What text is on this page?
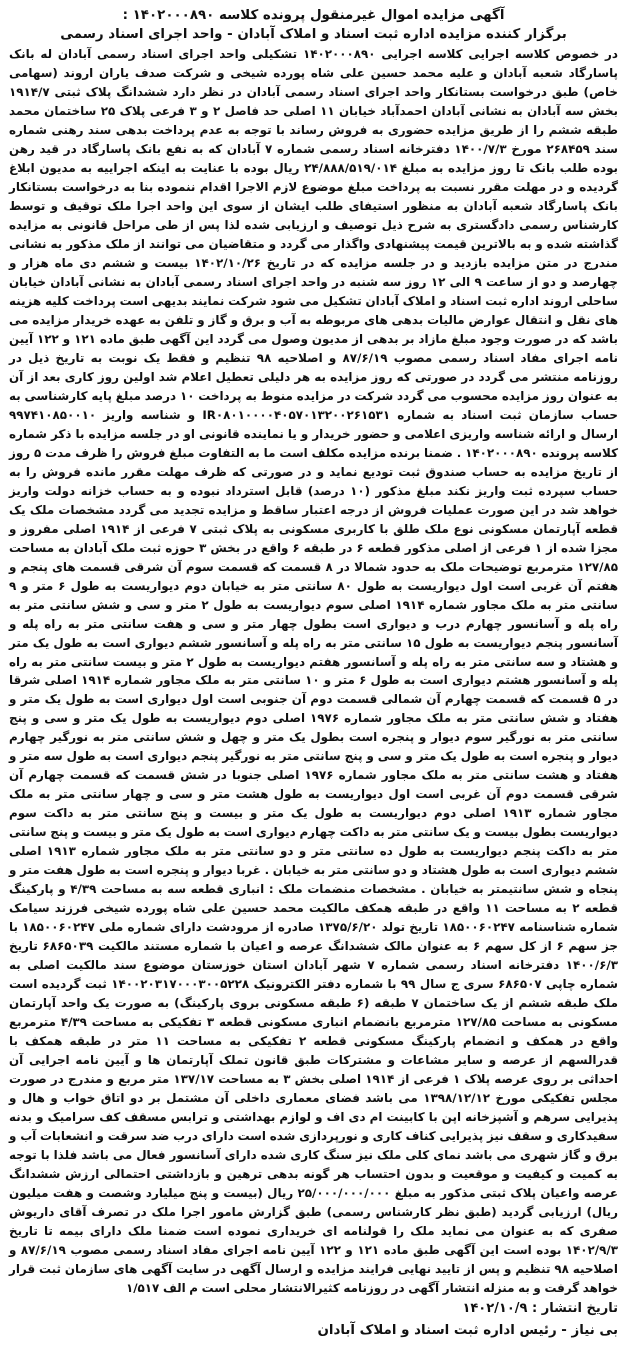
آگهی مزایده اموال غیرمنقول پرونده کلاسه ۱۴۰۲۰۰۰۸۹۰ :
برگزار کننده مزایده اداره ثبت اسناد و املاک آبادان - واحد اجرای اسناد رسمی

در خصوص کلاسه اجرایی کلاسه اجرایی ۱۴۰۲۰۰۰۸۹۰ تشکیلی واحد اجرای اسناد رسمی آبادان له بانک پاسارگاد شعبه آبادان و علیه محمد حسین علی شاه پورده شیخی و شرکت صدف یاران اروند (سهامی خاص) طبق درخواست بستانکار واحد اجرای اسناد رسمی آبادان در نظر دارد ششدانگ پلاک ثبتی ۱۹۱۴/۷ بخش سه آبادان به نشانی آبادان احمدآباد خیابان ۱۱ اصلی حد فاصل ۲ و ۳ فرعی پلاک ۲۵ ساختمان محمد طبقه ششم را از طریق مزایده حضوری به فروش رساند با توجه به عدم پرداخت بدهی سند رهنی شماره سند ۲۶۸۴۵۹ مورخ ۱۴۰۰/۷/۳ دفترخانه اسناد رسمی شماره ۷ آبادان که به نفع بانک پاسارگاد در قید رهن بوده طلب بانک تا روز مزایده به مبلغ ۲۴/۸۸۸/۵۱۹/۰۱۴ ریال بوده با عنایت به اینکه اجراییه به مدیون ابلاغ گردیده و در مهلت مقرر نسبت به پرداخت مبلغ موضوع لازم الاجرا اقدام ننموده بنا به درخواست بستانکار بانک پاسارگاد شعبه آبادان به منظور استیفای طلب ایشان از سوی این واحد اجرا ملک توقیف و توسط کارشناس رسمی دادگستری به شرح ذیل توصیف و ارزیابی شده لذا پس از طی مراحل قانونی به مزایده گذاشته شده و به بالاترین قیمت پیشنهادی واگذار می گردد و متقاضیان می توانند از ملک مذکور به نشانی مندرج در متن مزایده بازدید و در جلسه مزایده که در تاریخ ۱۴۰۲/۱۰/۲۶ بیست و ششم دی ماه هزار و چهارصد و دو از ساعت ۹ الی ۱۲ روز سه شنبه در واحد اجرای اسناد رسمی آبادان به نشانی آبادان خیابان ساحلی اروند اداره ثبت اسناد و املاک آبادان تشکیل می شود شرکت نمایند بدیهی است پرداخت کلیه هزینه های نقل و انتقال عوارض مالیات بدهی های مربوطه به آب و برق و گاز و تلفن به عهده خریدار مزایده می باشد که در صورت وجود مبلغ مازاد بر بدهی از مدیون وصول می گردد این آگهی طبق ماده ۱۲۱ و ۱۲۲ آیین نامه اجرای مفاد اسناد رسمی مصوب ۸۷/۶/۱۹ و اصلاحیه ۹۸ تنظیم و فقط یک نوبت به تاریخ ذیل در روزنامه منتشر می گردد در صورتی که روز مزایده به هر دلیلی تعطیل اعلام شد اولین روز کاری بعد از آن به عنوان روز مزایده محسوب می گردد شرکت در مزایده منوط به پرداخت ۱۰ درصد مبلغ پایه کارشناسی به حساب سازمان ثبت اسناد به شماره IR۰۸۰۱۰۰۰۰۴۰۵۷۰۱۳۲۰۰۲۶۱۵۳۱ و شناسه واریز ۹۹۷۴۱۰۸۵۰۰۱۰ ارسال و ارائه شناسه واریزی اعلامی و حضور خریدار و یا نماینده قانونی او در جلسه مزایده با ذکر شماره کلاسه پرونده ۱۴۰۲۰۰۰۸۹۰ . ضمنا برنده مزایده مکلف است ما به التفاوت مبلغ فروش را ظرف مدت ۵ روز از تاریخ مزایده به حساب صندوق ثبت تودیع نماید و در صورتی که ظرف مهلت مقرر مانده فروش را به حساب سپرده ثبت واریز نکند مبلغ مذکور (۱۰ درصد) قابل استرداد نبوده و به حساب خزانه دولت واریز خواهد شد در این صورت عملیات فروش از درجه اعتبار ساقط و مزایده تجدید می گردد مشخصات ملک یک قطعه آپارتمان مسکونی نوع ملک طلق با کاربری مسکونی به پلاک ثبتی ۷ فرعی از ۱۹۱۴ اصلی مفروز و مجزا شده از ۱ فرعی از اصلی مذکور قطعه ۶ در طبقه ۶ واقع در بخش ۳ حوزه ثبت ملک آبادان به مساحت ۱۲۷/۸۵ مترمربع توضیحات ملک به حدود شمالا در ۸ قسمت که قسمت سوم آن شرقی قسمت های پنجم و هفتم آن غربی است اول دیواریست به طول ۸۰ سانتی متر به خیابان دوم دیواریست به طول ۶ متر و ۹ سانتی متر به ملک مجاور شماره ۱۹۱۴ اصلی سوم دیواریست به طول ۲ متر و سی و شش سانتی متر به راه پله و آسانسور چهارم درب و دیواری است بطول چهار متر و سی و هفت سانتی متر به راه پله و آسانسور پنجم دیواریست به طول ۱۵ سانتی متر به راه پله و آسانسور ششم دیواری است به طول یک متر و هشتاد و سه سانتی متر به راه پله و آسانسور هفتم دیواریست به طول ۲ متر و بیست سانتی متر به راه پله و آسانسور هشتم دیواری است به طول ۶ متر و ۱۰ سانتی متر به ملک مجاور شماره ۱۹۱۴ اصلی شرقا در ۵ قسمت که قسمت چهارم آن شمالی قسمت دوم آن جنوبی است اول دیواری است به طول یک متر و هفتاد و شش سانتی متر به ملک مجاور شماره ۱۹۷۶ اصلی دوم دیواریست به طول یک متر و سی و پنج سانتی متر به نورگیر سوم دیوار و پنجره است بطول یک متر و چهل و شش سانتی متر به نورگیر چهارم دیوار و پنجره است به طول یک متر و سی و پنج سانتی متر به نورگیر پنجم دیواری است به طول سه متر و هفتاد و هشت سانتی متر به ملک مجاور شماره ۱۹۷۶ اصلی جنوبا در شش قسمت که قسمت چهارم آن شرقی قسمت دوم آن غربی است اول دیواریست به طول هشت متر و سی و چهار سانتی متر به ملک مجاور شماره ۱۹۱۳ اصلی دوم دیواریست به طول یک متر و بیست و پنج سانتی متر به داکت سوم دیواریست بطول بیست و یک سانتی متر به داکت چهارم دیواری است به طول یک متر و بیست و پنج سانتی متر به داکت پنجم دیواریست به طول ده سانتی متر و دو سانتی متر به ملک مجاور شماره ۱۹۱۳ اصلی ششم دیواری است به طول هشتاد و دو سانتی متر به خیابان . غربا دیوار و پنجره است به طول هفت متر و پنجاه و شش سانتیمتر به خیابان . مشخصات منضمات ملک : انباری قطعه سه به مساحت ۴/۳۹ و پارکینگ قطعه ۲ به مساحت ۱۱ واقع در طبقه همکف مالکیت محمد حسین علی شاه پورده شیخی فرزند سیامک شماره شناسنامه ۱۸۵۰۰۶۰۲۴۷ تاریخ تولد ۱۳۷۵/۶/۲۰ صادره از مرودشت دارای شماره ملی ۱۸۵۰۰۶۰۲۴۷ با جز سهم ۶ از کل سهم ۶ به عنوان مالک ششدانگ عرصه و اعیان با شماره مستند مالکیت ۶۸۶۵۰۳۹ تاریخ ۱۴۰۰/۶/۳ دفترخانه اسناد رسمی شماره ۷ شهر آبادان استان خوزستان موضوع سند مالکیت اصلی به شماره چاپی ۶۸۶۵۰۷ سری ج سال ۹۹ با شماره دفتر الکترونیک ۱۴۰۰۲۰۳۱۷۰۰۰۳۰۰۵۲۲۸ ثبت گردیده است ملک طبقه ششم از یک ساختمان ۷ طبقه (۶ طبقه مسکونی بروی پارکینگ) به صورت یک واحد آپارتمان مسکونی به مساحت ۱۲۷/۸۵ مترمربع بانضمام انباری مسکونی قطعه ۳ تفکیکی به مساحت ۴/۳۹ مترمربع واقع در همکف و انضمام پارکینگ مسکونی قطعه ۲ تفکیکی به مساحت ۱۱ متر در طبقه همکف با قدرالسهم از عرصه و سایر مشاعات و مشترکات طبق قانون تملک آپارتمان ها و آیین نامه اجرایی آن احداثی بر روی عرصه پلاک ۱ فرعی از ۱۹۱۴ اصلی بخش ۳ به مساحت ۱۳۷/۱۷ متر مربع و مندرج در صورت مجلس تفکیکی مورخ ۱۳۹۸/۱۲/۱۲ می باشد فضای معماری داخلی آن مشتمل بر دو اتاق خواب و هال و پذیرایی سرهم و آشپزخانه اپن با کابینت ام دی اف و لوازم بهداشتی و ترابس مسقف کف سرامیک و بدنه سفیدکاری و سقف نیز پذیرایی کناف کاری و نورپردازی شده است دارای درب ضد سرقت و انشعابات آب و برق و گاز شهری می باشد نمای کلی ملک نیز سنگ کاری شده دارای آسانسور فعال می باشد فلذا با توجه به کمیت و کیفیت و موقعیت و بدون احتساب هر گونه بدهی ترهین و بازداشتی احتمالی ارزش ششدانگ عرصه واعیان پلاک ثبتی مذکور به مبلغ ۲۵/۰۰۰/۰۰۰/۰۰۰ ریال (بیست و پنج میلیارد وشصت و هفت میلیون ریال) ارزیابی گردید (طبق نظر کارشناس رسمی) طبق گزارش مامور اجرا ملک در تصرف آقای داریوش صفری که به عنوان می نماید ملک را قولنامه ای خریداری نموده است ضمنا ملک دارای بیمه تا تاریخ ۱۴۰۲/۹/۳ بوده است این آگهی طبق ماده ۱۲۱ و ۱۲۲ آیین نامه اجرای مفاد اسناد رسمی مصوب ۸۷/۶/۱۹ و اصلاحیه ۹۸ تنظیم و پس از تایید نهایی فرایند مزایده و ارسال آگهی در سایت آگهی های سازمان ثبت قرار خواهد گرفت و به منزله انتشار آگهی در روزنامه کثیرالانتشار محلی است م الف ۱/۵۱۷

تاریخ انتشار : ۱۴۰۲/۱۰/۹

بی نیاز - رئیس اداره ثبت اسناد و املاک آبادان
